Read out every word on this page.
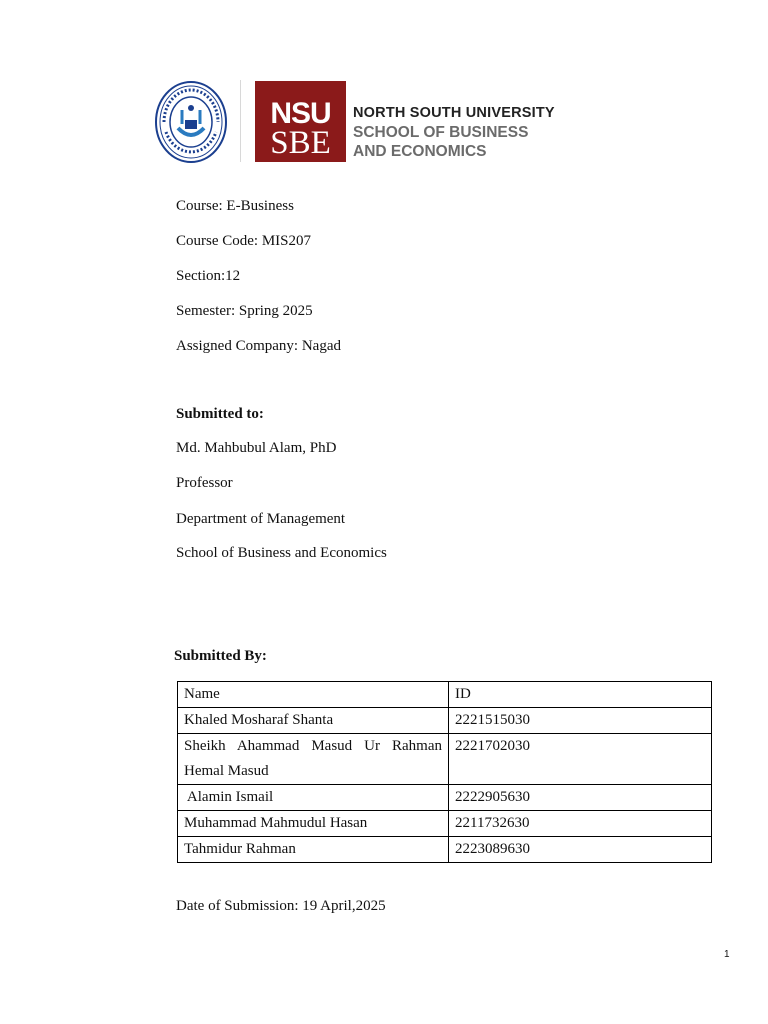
NSU
SBE
NORTH SOUTH UNIVERSITY
SCHOOL OF BUSINESS
AND ECONOMICS
Course: E-Business
Course Code: MIS207
Section:12
Semester: Spring 2025
Assigned Company: Nagad
Submitted to:
Md. Mahbubul Alam, PhD
Professor
Department of Management
School of Business and Economics
Submitted By:
Name	ID
Khaled Mosharaf Shanta	2221515030

Sheikh Ahammad Masud Ur Rahman
Hemal Masud	2221702030
Alamin Ismail	2222905630
Muhammad Mahmudul Hasan	2211732630
Tahmidur Rahman	2223089630
Date of Submission: 19 April,2025
1
